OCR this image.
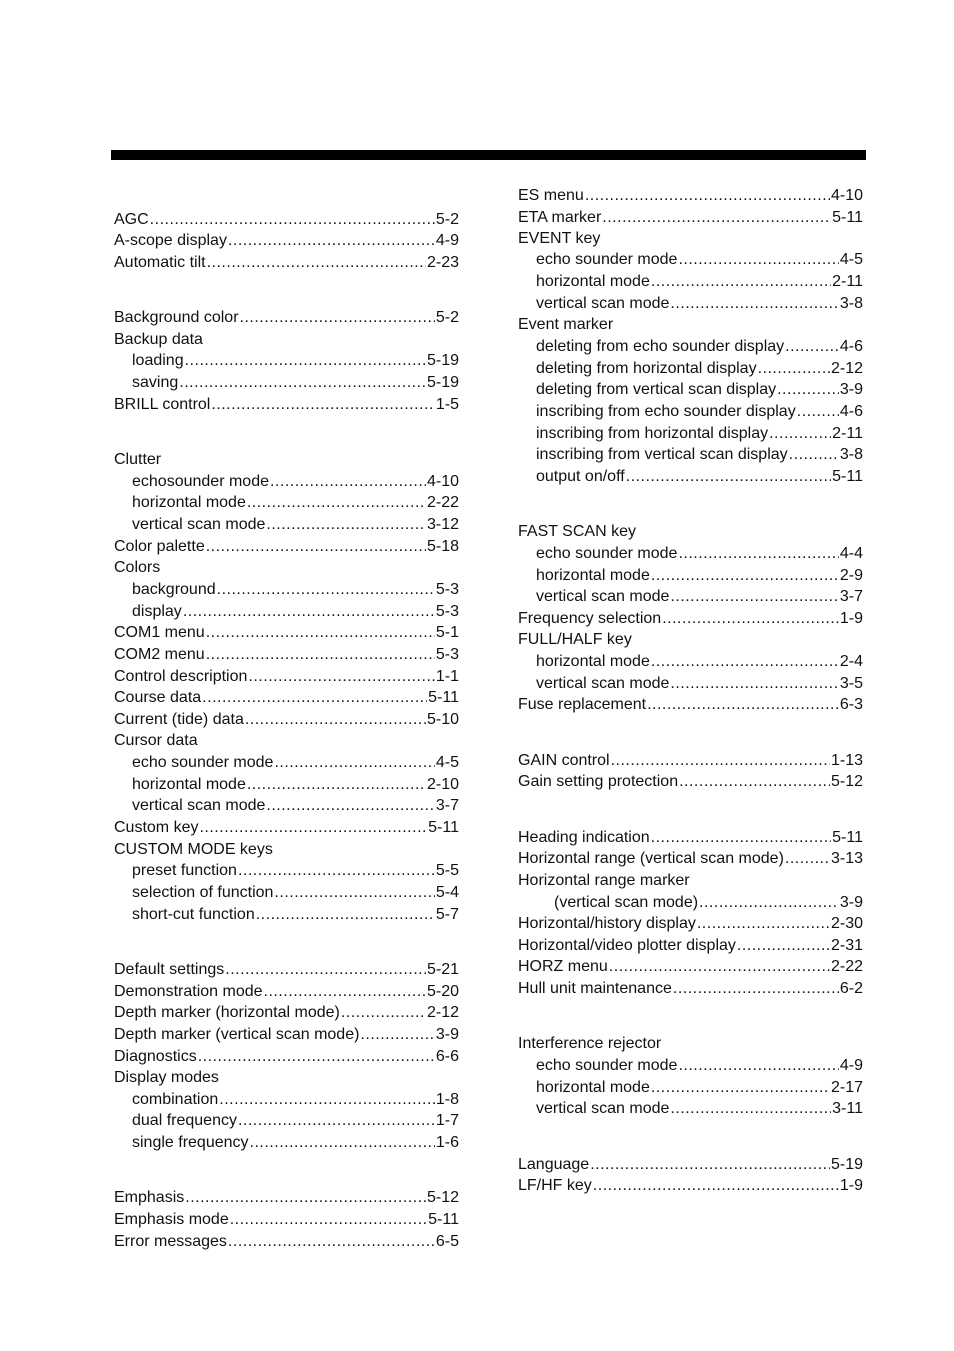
AGC .....	5-2
A-scope display .....	4-9
Automatic tilt .....	2-23
Background color .....	5-2
Backup data
loading .....	5-19
saving .....	5-19
BRILL control .....	1-5
Clutter
echosounder mode .....	4-10
horizontal mode .....	2-22
vertical scan mode .....	3-12
Color palette .....	5-18
Colors
background .....	5-3
display .....	5-3
COM1 menu .....	5-1
COM2 menu .....	5-3
Control description .....	1-1
Course data .....	5-11
Current (tide) data .....	5-10
Cursor data
echo sounder mode .....	4-5
horizontal mode .....	2-10
vertical scan mode .....	3-7
Custom key .....	5-11
CUSTOM MODE keys
preset function .....	5-5
selection of function .....	5-4
short-cut function .....	5-7
Default settings .....	5-21
Demonstration mode .....	5-20
Depth marker (horizontal mode) .....	2-12
Depth marker (vertical scan mode) .....	3-9
Diagnostics .....	6-6
Display modes
combination .....	1-8
dual frequency .....	1-7
single frequency .....	1-6
Emphasis .....	5-12
Emphasis mode .....	5-11
Error messages .....	6-5
ES menu .....	4-10
ETA marker .....	5-11
EVENT key
echo sounder mode .....	4-5
horizontal mode .....	2-11
vertical scan mode .....	3-8
Event marker
deleting from echo sounder display .....	4-6
deleting from horizontal display .....	2-12
deleting from vertical scan display .....	3-9
inscribing from echo sounder display .....	4-6
inscribing from horizontal display .....	2-11
inscribing from vertical scan display .....	3-8
output on/off .....	5-11
FAST SCAN key
echo sounder mode .....	4-4
horizontal mode .....	2-9
vertical scan mode .....	3-7
Frequency selection .....	1-9
FULL/HALF key
horizontal mode .....	2-4
vertical scan mode .....	3-5
Fuse replacement .....	6-3
GAIN control .....	1-13
Gain setting protection .....	5-12
Heading indication .....	5-11
Horizontal range (vertical scan mode) .....	3-13
Horizontal range marker
(vertical scan mode) .....	3-9
Horizontal/history display .....	2-30
Horizontal/video plotter display .....	2-31
HORZ menu .....	2-22
Hull unit maintenance .....	6-2
Interference rejector
echo sounder mode .....	4-9
horizontal mode .....	2-17
vertical scan mode .....	3-11
Language .....	5-19
LF/HF key .....	1-9
